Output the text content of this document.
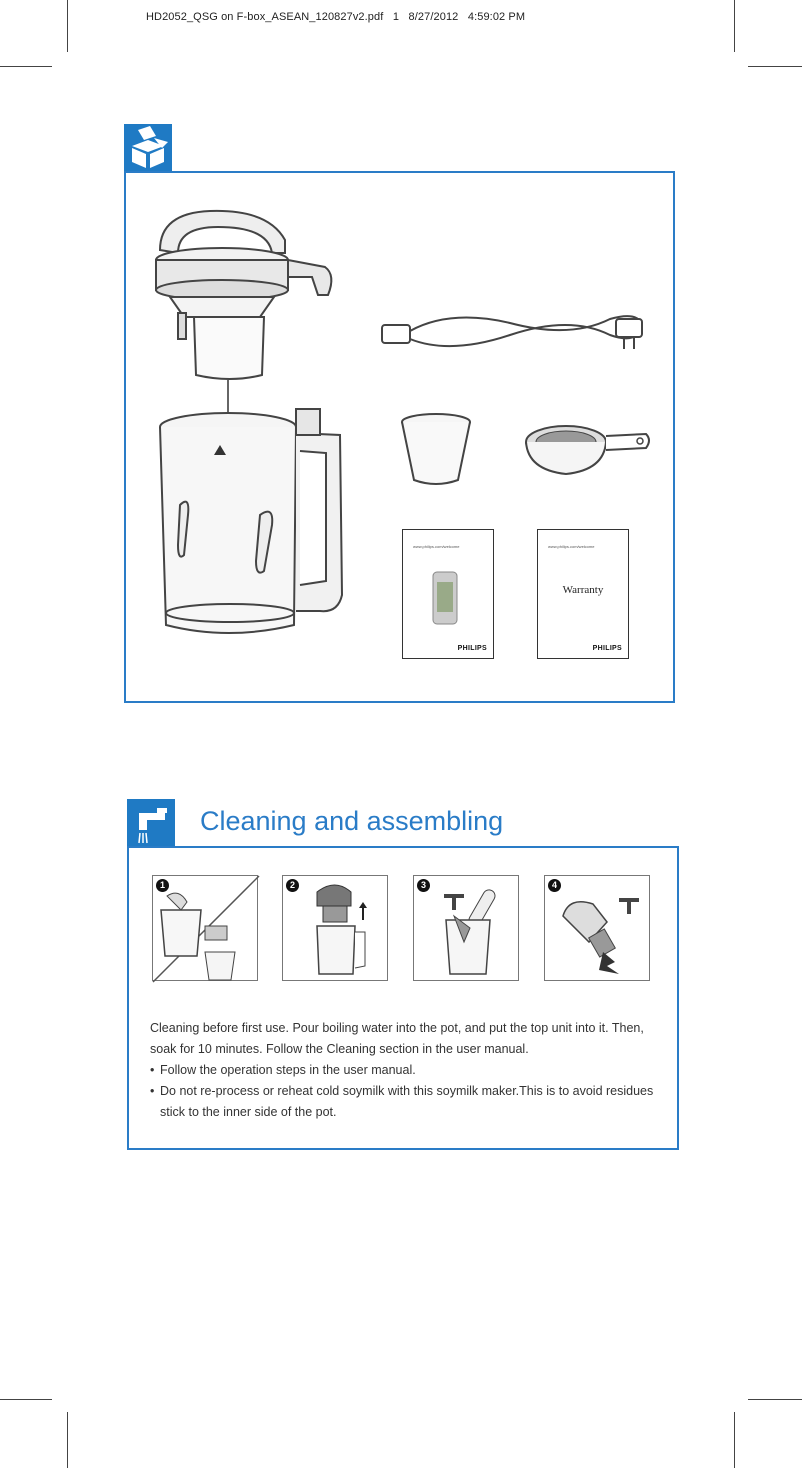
HD2052_QSG on F-box_ASEAN_120827v2.pdf   1   8/27/2012   4:59:02 PM
www.philips.com/welcome
PHILIPS
www.philips.com/welcome
Warranty
PHILIPS
Cleaning and assembling
1	2	3	4

Cleaning before first use. Pour boiling water into the pot, and put the top unit into it. Then, soak for 10 minutes. Follow the Cleaning section in the user manual.

• Follow the operation steps in the user manual.

• Do not re-process or reheat cold soymilk with this soymilk maker.This is to avoid residues stick to the inner side of the pot.
